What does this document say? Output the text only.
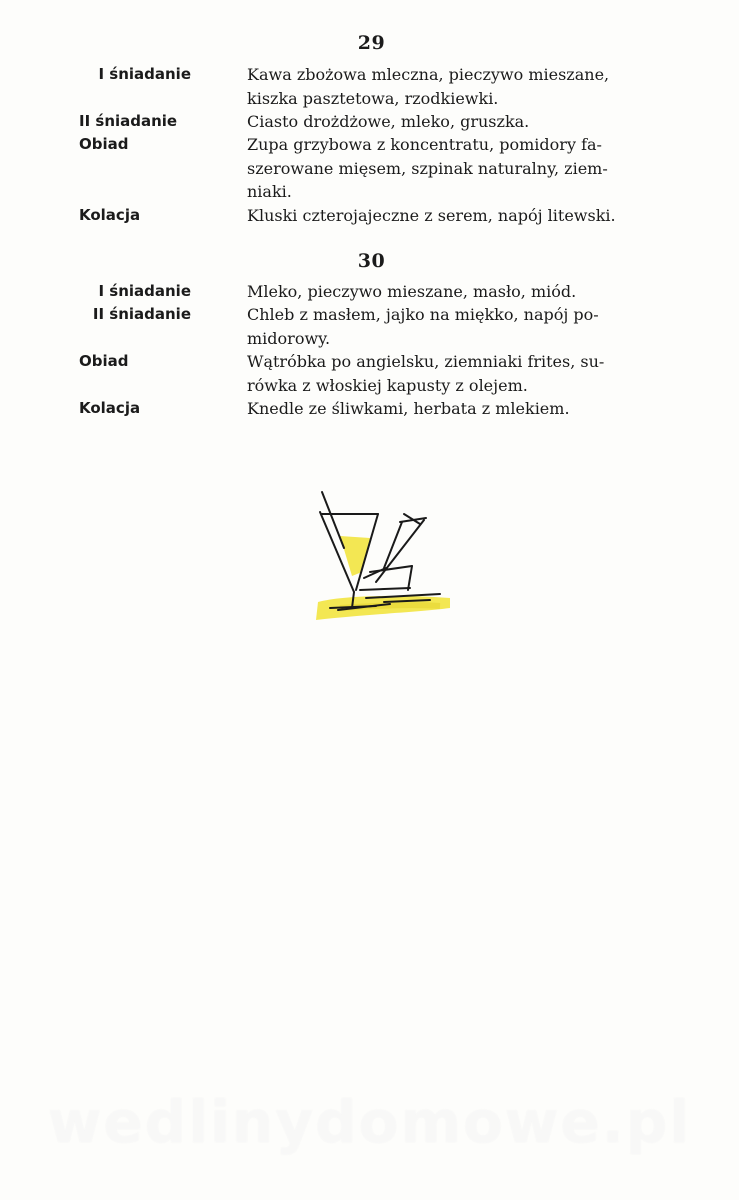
29
I śniadanie	Kawa zbożowa mleczna, pieczywo mieszane,
kiszka pasztetowa, rzodkiewki.
II śniadanie	Ciasto drożdżowe, mleko, gruszka.
Obiad	Zupa grzybowa z koncentratu, pomidory fa-
szerowane mięsem, szpinak naturalny, ziem-
niaki.
Kolacja	Kluski czterojajeczne z serem, napój litewski.
30
I śniadanie	Mleko, pieczywo mieszane, masło, miód.
II śniadanie	Chleb z masłem, jajko na miękko, napój po-
midorowy.
Obiad	Wątróbka po angielsku, ziemniaki frites, su-
rówka z włoskiej kapusty z olejem.
Kolacja	Knedle ze śliwkami, herbata z mlekiem.
wedlinydomowe.pl
